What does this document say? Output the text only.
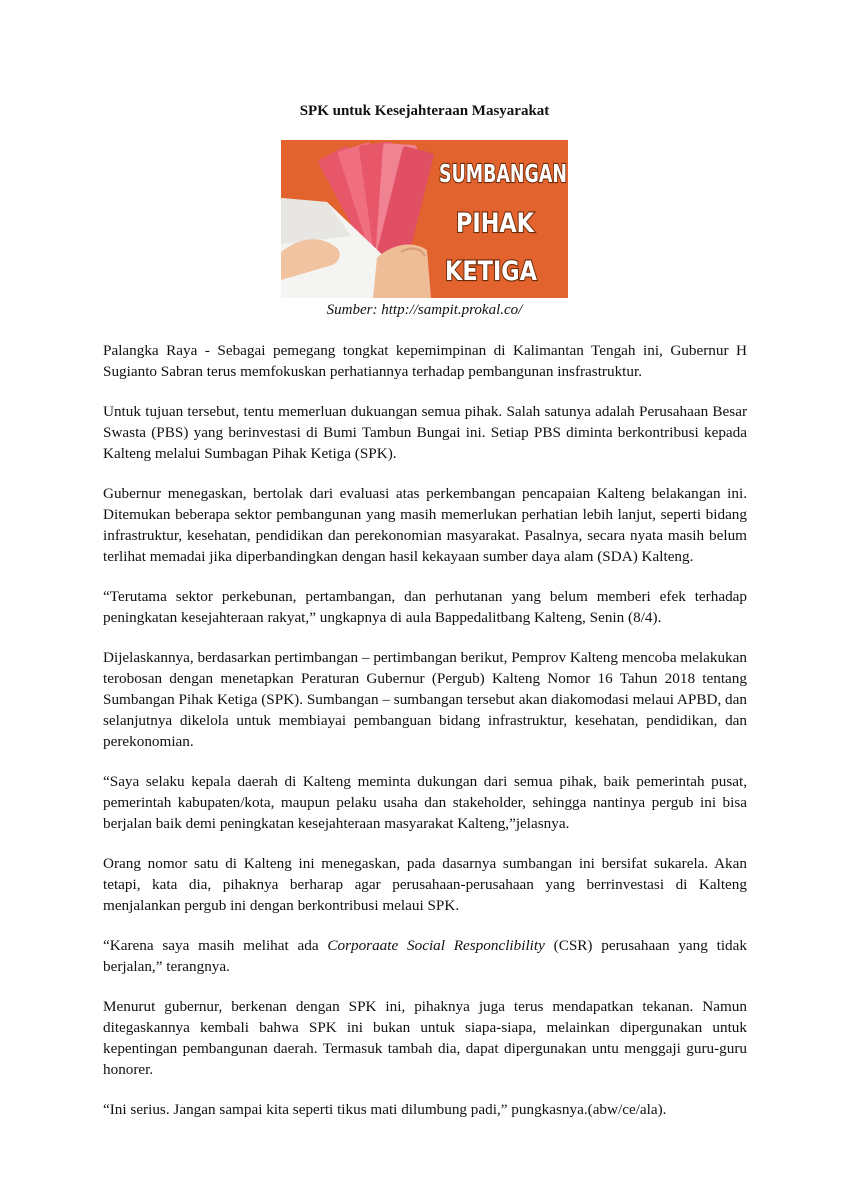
SPK untuk Kesejahteraan Masyarakat
SUMBANGAN
PIHAK
KETIGA
Sumber: http://sampit.prokal.co/

Palangka Raya - Sebagai pemegang tongkat kepemimpinan di Kalimantan Tengah ini, Gubernur H Sugianto Sabran terus memfokuskan perhatiannya terhadap pembangunan insfrastruktur.

Untuk tujuan tersebut, tentu memerluan dukuangan semua pihak. Salah satunya adalah Perusahaan Besar Swasta (PBS) yang berinvestasi di Bumi Tambun Bungai ini. Setiap PBS diminta berkontribusi kepada Kalteng melalui Sumbagan Pihak Ketiga (SPK).

Gubernur menegaskan, bertolak dari evaluasi atas perkembangan pencapaian Kalteng belakangan ini. Ditemukan beberapa sektor pembangunan yang masih memerlukan perhatian lebih lanjut, seperti bidang infrastruktur, kesehatan, pendidikan dan perekonomian masyarakat. Pasalnya, secara nyata masih belum terlihat memadai jika diperbandingkan dengan hasil kekayaan sumber daya alam (SDA) Kalteng.

“Terutama sektor perkebunan, pertambangan, dan perhutanan yang belum memberi efek terhadap peningkatan kesejahteraan rakyat,” ungkapnya di aula Bappedalitbang Kalteng, Senin (8/4).

Dijelaskannya, berdasarkan pertimbangan – pertimbangan berikut, Pemprov Kalteng mencoba melakukan terobosan dengan menetapkan Peraturan Gubernur (Pergub) Kalteng Nomor 16 Tahun 2018 tentang Sumbangan Pihak Ketiga (SPK). Sumbangan – sumbangan tersebut akan diakomodasi melaui APBD, dan selanjutnya dikelola untuk membiayai pembanguan bidang infrastruktur, kesehatan, pendidikan, dan perekonomian.

“Saya selaku kepala daerah di Kalteng meminta dukungan dari semua pihak, baik pemerintah pusat, pemerintah kabupaten/kota, maupun pelaku usaha dan stakeholder, sehingga nantinya pergub ini bisa berjalan baik demi peningkatan kesejahteraan masyarakat Kalteng,”jelasnya.

Orang nomor satu di Kalteng ini menegaskan, pada dasarnya sumbangan ini bersifat sukarela. Akan tetapi, kata dia, pihaknya berharap agar perusahaan-perusahaan yang berrinvestasi di Kalteng menjalankan pergub ini dengan berkontribusi melaui SPK.

“Karena saya masih melihat ada Corporaate Social Responclibility (CSR) perusahaan yang tidak berjalan,” terangnya.

Menurut gubernur, berkenan dengan SPK ini, pihaknya juga terus mendapatkan tekanan. Namun ditegaskannya kembali bahwa SPK ini bukan untuk siapa-siapa, melainkan dipergunakan untuk kepentingan pembangunan daerah. Termasuk tambah dia, dapat dipergunakan untu menggaji guru-guru honorer.

“Ini serius. Jangan sampai kita seperti tikus mati dilumbung padi,” pungkasnya.(abw/ce/ala).
